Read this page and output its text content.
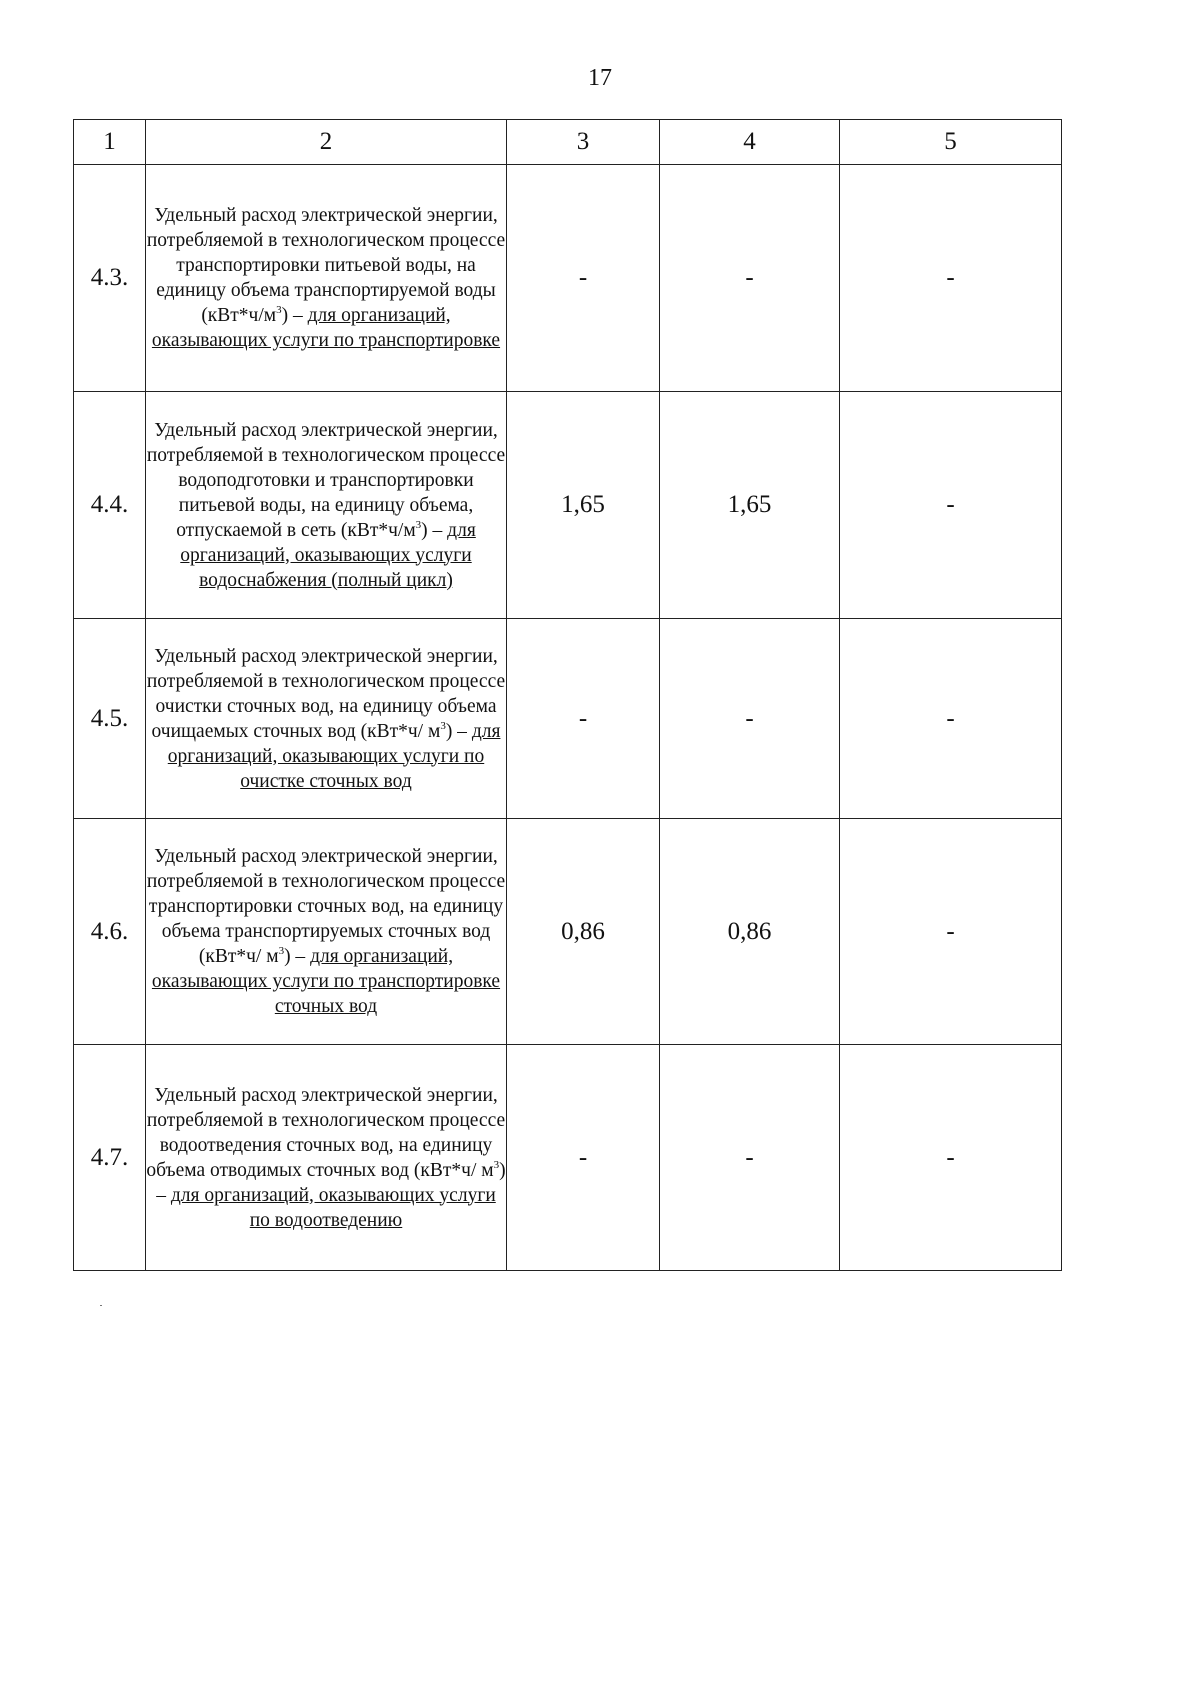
17
1	2	3	4	5
4.3.	Удельный расход электрической энергии, потребляемой в технологическом процессе транспортировки питьевой воды, на единицу объема транспортируемой воды $(кВт*ч/м^3)$ – для организаций, оказывающих услуги по транспортировке	-	-	-
4.4.	Удельный расход электрической энергии, потребляемой в технологическом процессе водоподготовки и транспортировки питьевой воды, на единицу объема, отпускаемой в сеть $(кВт*ч/м^3)$ – для организаций, оказывающих услуги водоснабжения (полный цикл)	1,65	1,65	-
4.5.	Удельный расход электрической энергии, потребляемой в технологическом процессе очистки сточных вод, на единицу объема очищаемых сточных вод (кВт*ч/ $м^3$) – для организаций, оказывающих услуги по очистке сточных вод	-	-	-
4.6.	Удельный расход электрической энергии, потребляемой в технологическом процессе транспортировки сточных вод, на единицу объема транспортируемых сточных вод (кВт*ч/ $м^3$) – для организаций, оказывающих услуги по транспортировке сточных вод	0,86	0,86	-
4.7.	Удельный расход электрической энергии, потребляемой в технологическом процессе водоотведения сточных вод, на единицу объема отводимых сточных вод (кВт*ч/ $м^3$) – для организаций, оказывающих услуги по водоотведению	-	-	-
